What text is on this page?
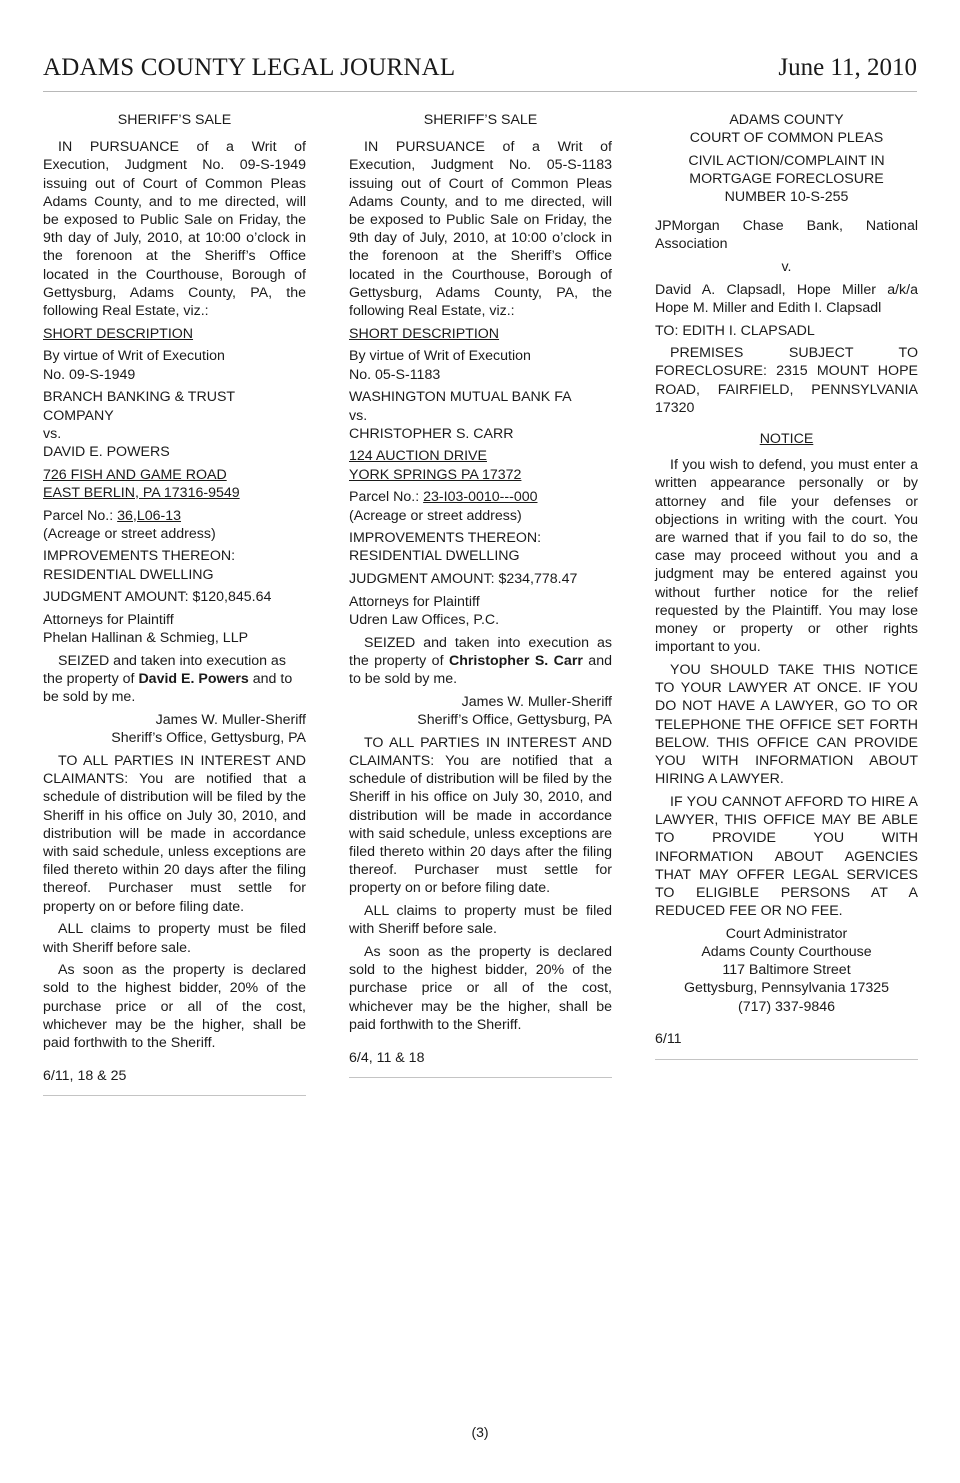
ADAMS COUNTY LEGAL JOURNAL	June 11, 2010

SHERIFF’S SALE

IN PURSUANCE of a Writ of Execution, Judgment No. 09-S-1949 issuing out of Court of Common Pleas Adams County, and to me directed, will be exposed to Public Sale on Friday, the 9th day of July, 2010, at 10:00 o’clock in the forenoon at the Sheriff’s Office located in the Courthouse, Borough of Gettysburg, Adams County, PA, the following Real Estate, viz.:

SHORT DESCRIPTION

By virtue of Writ of Execution
No. 09-S-1949

BRANCH BANKING & TRUST COMPANY
vs.
DAVID E. POWERS

726 FISH AND GAME ROAD
EAST BERLIN, PA 17316-9549

Parcel No.: 36,L06-13
(Acreage or street address)

IMPROVEMENTS THEREON:
RESIDENTIAL DWELLING

JUDGMENT AMOUNT: $120,845.64

Attorneys for Plaintiff
Phelan Hallinan & Schmieg, LLP

SEIZED and taken into execution as the property of David E. Powers and to be sold by me.

James W. Muller-Sheriff
Sheriff’s Office, Gettysburg, PA

TO ALL PARTIES IN INTEREST AND CLAIMANTS: You are notified that a schedule of distribution will be filed by the Sheriff in his office on July 30, 2010, and distribution will be made in accordance with said schedule, unless exceptions are filed thereto within 20 days after the filing thereof. Purchaser must settle for property on or before filing date.

ALL claims to property must be filed with Sheriff before sale.

As soon as the property is declared sold to the highest bidder, 20% of the purchase price or all of the cost, whichever may be the higher, shall be paid forthwith to the Sheriff.

6/11, 18 & 25

SHERIFF’S SALE

IN PURSUANCE of a Writ of Execution, Judgment No. 05-S-1183 issuing out of Court of Common Pleas Adams County, and to me directed, will be exposed to Public Sale on Friday, the 9th day of July, 2010, at 10:00 o’clock in the forenoon at the Sheriff’s Office located in the Courthouse, Borough of Gettysburg, Adams County, PA, the following Real Estate, viz.:

SHORT DESCRIPTION

By virtue of Writ of Execution
No. 05-S-1183

WASHINGTON MUTUAL BANK FA
vs.
CHRISTOPHER S. CARR

124 AUCTION DRIVE
YORK SPRINGS PA 17372

Parcel No.: 23-I03-0010---000
(Acreage or street address)

IMPROVEMENTS THEREON:
RESIDENTIAL DWELLING

JUDGMENT AMOUNT: $234,778.47

Attorneys for Plaintiff
Udren Law Offices, P.C.

SEIZED and taken into execution as the property of Christopher S. Carr and to be sold by me.

James W. Muller-Sheriff
Sheriff’s Office, Gettysburg, PA

TO ALL PARTIES IN INTEREST AND CLAIMANTS: You are notified that a schedule of distribution will be filed by the Sheriff in his office on July 30, 2010, and distribution will be made in accordance with said schedule, unless exceptions are filed thereto within 20 days after the filing thereof. Purchaser must settle for property on or before filing date.

ALL claims to property must be filed with Sheriff before sale.

As soon as the property is declared sold to the highest bidder, 20% of the purchase price or all of the cost, whichever may be the higher, shall be paid forthwith to the Sheriff.

6/4, 11 & 18

ADAMS COUNTY
COURT OF COMMON PLEAS

CIVIL ACTION/COMPLAINT IN
MORTGAGE FORECLOSURE
NUMBER 10-S-255

JPMorgan Chase Bank, National Association

v.

David A. Clapsadl, Hope Miller a/k/a Hope M. Miller and Edith I. Clapsadl

TO: EDITH I. CLAPSADL

PREMISES SUBJECT TO FORECLOSURE: 2315 MOUNT HOPE ROAD, FAIRFIELD, PENNSYLVANIA 17320

NOTICE

If you wish to defend, you must enter a written appearance personally or by attorney and file your defenses or objections in writing with the court. You are warned that if you fail to do so, the case may proceed without you and a judgment may be entered against you without further notice for the relief requested by the Plaintiff. You may lose money or property or other rights important to you.

YOU SHOULD TAKE THIS NOTICE TO YOUR LAWYER AT ONCE. IF YOU DO NOT HAVE A LAWYER, GO TO OR TELEPHONE THE OFFICE SET FORTH BELOW. THIS OFFICE CAN PROVIDE YOU WITH INFORMATION ABOUT HIRING A LAWYER.

IF YOU CANNOT AFFORD TO HIRE A LAWYER, THIS OFFICE MAY BE ABLE TO PROVIDE YOU WITH INFORMATION ABOUT AGENCIES THAT MAY OFFER LEGAL SERVICES TO ELIGIBLE PERSONS AT A REDUCED FEE OR NO FEE.

Court Administrator
Adams County Courthouse
117 Baltimore Street
Gettysburg, Pennsylvania 17325
(717) 337-9846

6/11

(3)
